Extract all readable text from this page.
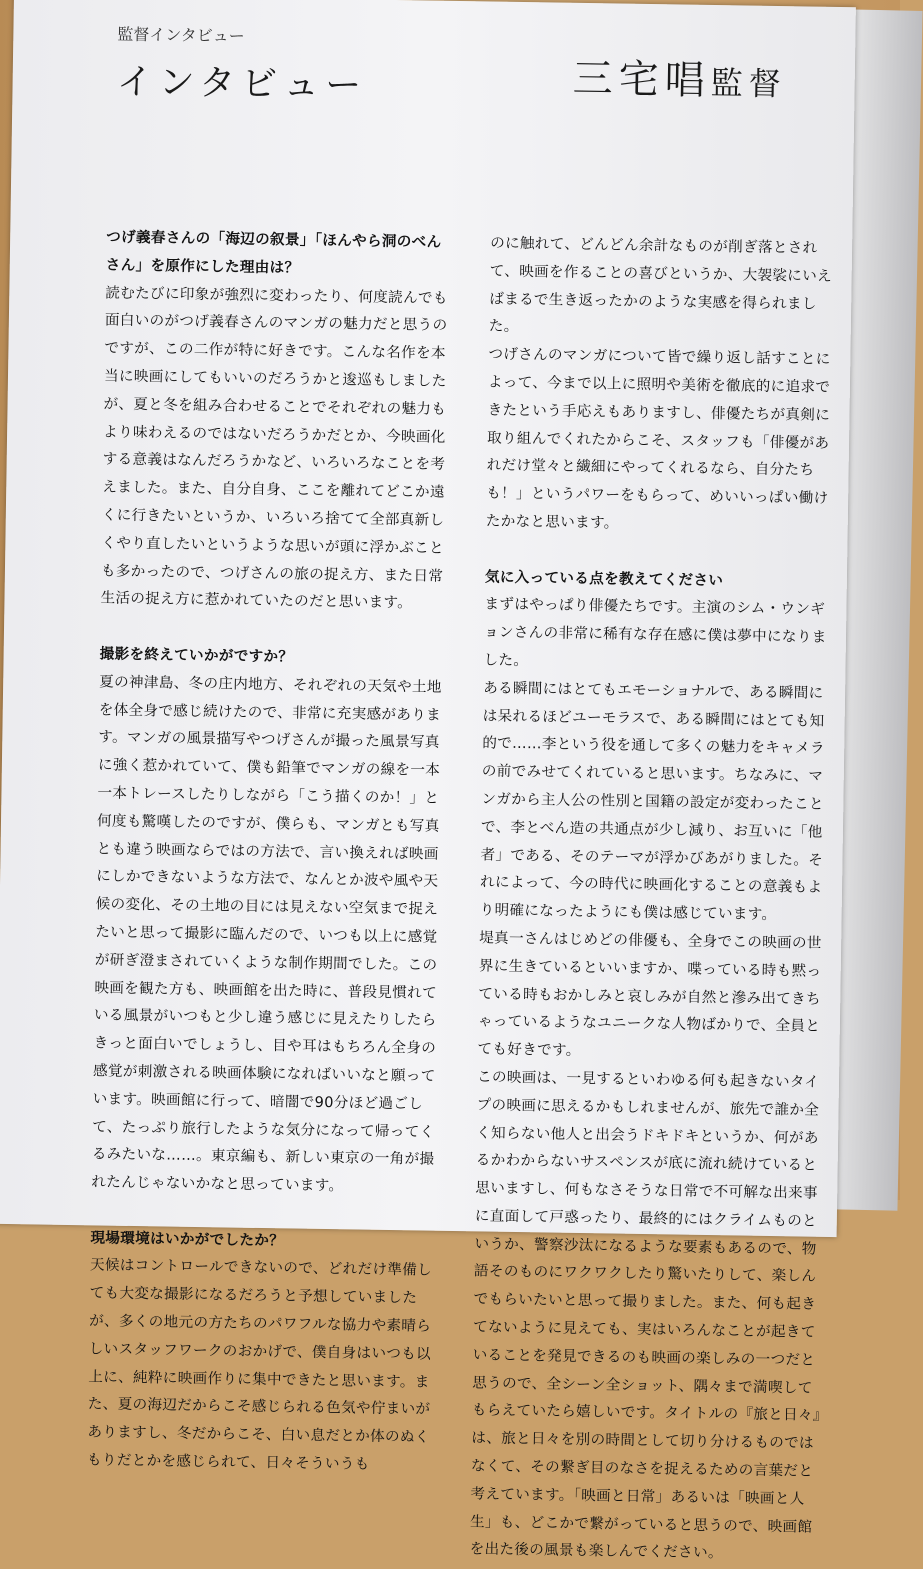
監督インタビュー
インタビュー	三宅唱監督

つげ義春さんの「海辺の叙景」「ほんやら洞のべんさん」を原作にした理由は？

読むたびに印象が強烈に変わったり、何度読んでも面白いのがつげ義春さんのマンガの魅力だと思うのですが、この二作が特に好きです。こんな名作を本当に映画にしてもいいのだろうかと逡巡もしましたが、夏と冬を組み合わせることでそれぞれの魅力もより味わえるのではないだろうかだとか、今映画化する意義はなんだろうかなど、いろいろなことを考えました。また、自分自身、ここを離れてどこか遠くに行きたいというか、いろいろ捨てて全部真新しくやり直したいというような思いが頭に浮かぶことも多かったので、つげさんの旅の捉え方、また日常生活の捉え方に惹かれていたのだと思います。

撮影を終えていかがですか？

夏の神津島、冬の庄内地方、それぞれの天気や土地を体全身で感じ続けたので、非常に充実感があります。マンガの風景描写やつげさんが撮った風景写真に強く惹かれていて、僕も鉛筆でマンガの線を一本一本トレースしたりしながら「こう描くのか！」と何度も驚嘆したのですが、僕らも、マンガとも写真とも違う映画ならではの方法で、言い換えれば映画にしかできないような方法で、なんとか波や風や天候の変化、その土地の目には見えない空気まで捉えたいと思って撮影に臨んだので、いつも以上に感覚が研ぎ澄まされていくような制作期間でした。この映画を観た方も、映画館を出た時に、普段見慣れている風景がいつもと少し違う感じに見えたりしたらきっと面白いでしょうし、目や耳はもちろん全身の感覚が刺激される映画体験になればいいなと願っています。映画館に行って、暗闇で90分ほど過ごして、たっぷり旅行したような気分になって帰ってくるみたいな……。東京編も、新しい東京の一角が撮れたんじゃないかなと思っています。

現場環境はいかがでしたか？

天候はコントロールできないので、どれだけ準備しても大変な撮影になるだろうと予想していましたが、多くの地元の方たちのパワフルな協力や素晴らしいスタッフワークのおかげで、僕自身はいつも以上に、純粋に映画作りに集中できたと思います。また、夏の海辺だからこそ感じられる色気や佇まいがありますし、冬だからこそ、白い息だとか体のぬくもりだとかを感じられて、日々そういうも

のに触れて、どんどん余計なものが削ぎ落とされて、映画を作ることの喜びというか、大袈裟にいえばまるで生き返ったかのような実感を得られました。

つげさんのマンガについて皆で繰り返し話すことによって、今まで以上に照明や美術を徹底的に追求できたという手応えもありますし、俳優たちが真剣に取り組んでくれたからこそ、スタッフも「俳優があれだけ堂々と繊細にやってくれるなら、自分たちも！」というパワーをもらって、めいいっぱい働けたかなと思います。

気に入っている点を教えてください

まずはやっぱり俳優たちです。主演のシム・ウンギョンさんの非常に稀有な存在感に僕は夢中になりました。

ある瞬間にはとてもエモーショナルで、ある瞬間には呆れるほどユーモラスで、ある瞬間にはとても知的で……李という役を通して多くの魅力をキャメラの前でみせてくれていると思います。ちなみに、マンガから主人公の性別と国籍の設定が変わったことで、李とべん造の共通点が少し減り、お互いに「他者」である、そのテーマが浮かびあがりました。それによって、今の時代に映画化することの意義もより明確になったようにも僕は感じています。

堤真一さんはじめどの俳優も、全身でこの映画の世界に生きているといいますか、喋っている時も黙っている時もおかしみと哀しみが自然と滲み出てきちゃっているようなユニークな人物ばかりで、全員とても好きです。

この映画は、一見するといわゆる何も起きないタイプの映画に思えるかもしれませんが、旅先で誰か全く知らない他人と出会うドキドキというか、何があるかわからないサスペンスが底に流れ続けていると思いますし、何もなさそうな日常で不可解な出来事に直面して戸惑ったり、最終的にはクライムものというか、警察沙汰になるような要素もあるので、物語そのものにワクワクしたり驚いたりして、楽しんでもらいたいと思って撮りました。また、何も起きてないように見えても、実はいろんなことが起きていることを発見できるのも映画の楽しみの一つだと思うので、全シーン全ショット、隅々まで満喫してもらえていたら嬉しいです。タイトルの『旅と日々』は、旅と日々を別の時間として切り分けるものではなくて、その繋ぎ目のなさを捉えるための言葉だと考えています。「映画と日常」あるいは「映画と人生」も、どこかで繋がっていると思うので、映画館を出た後の風景も楽しんでください。
